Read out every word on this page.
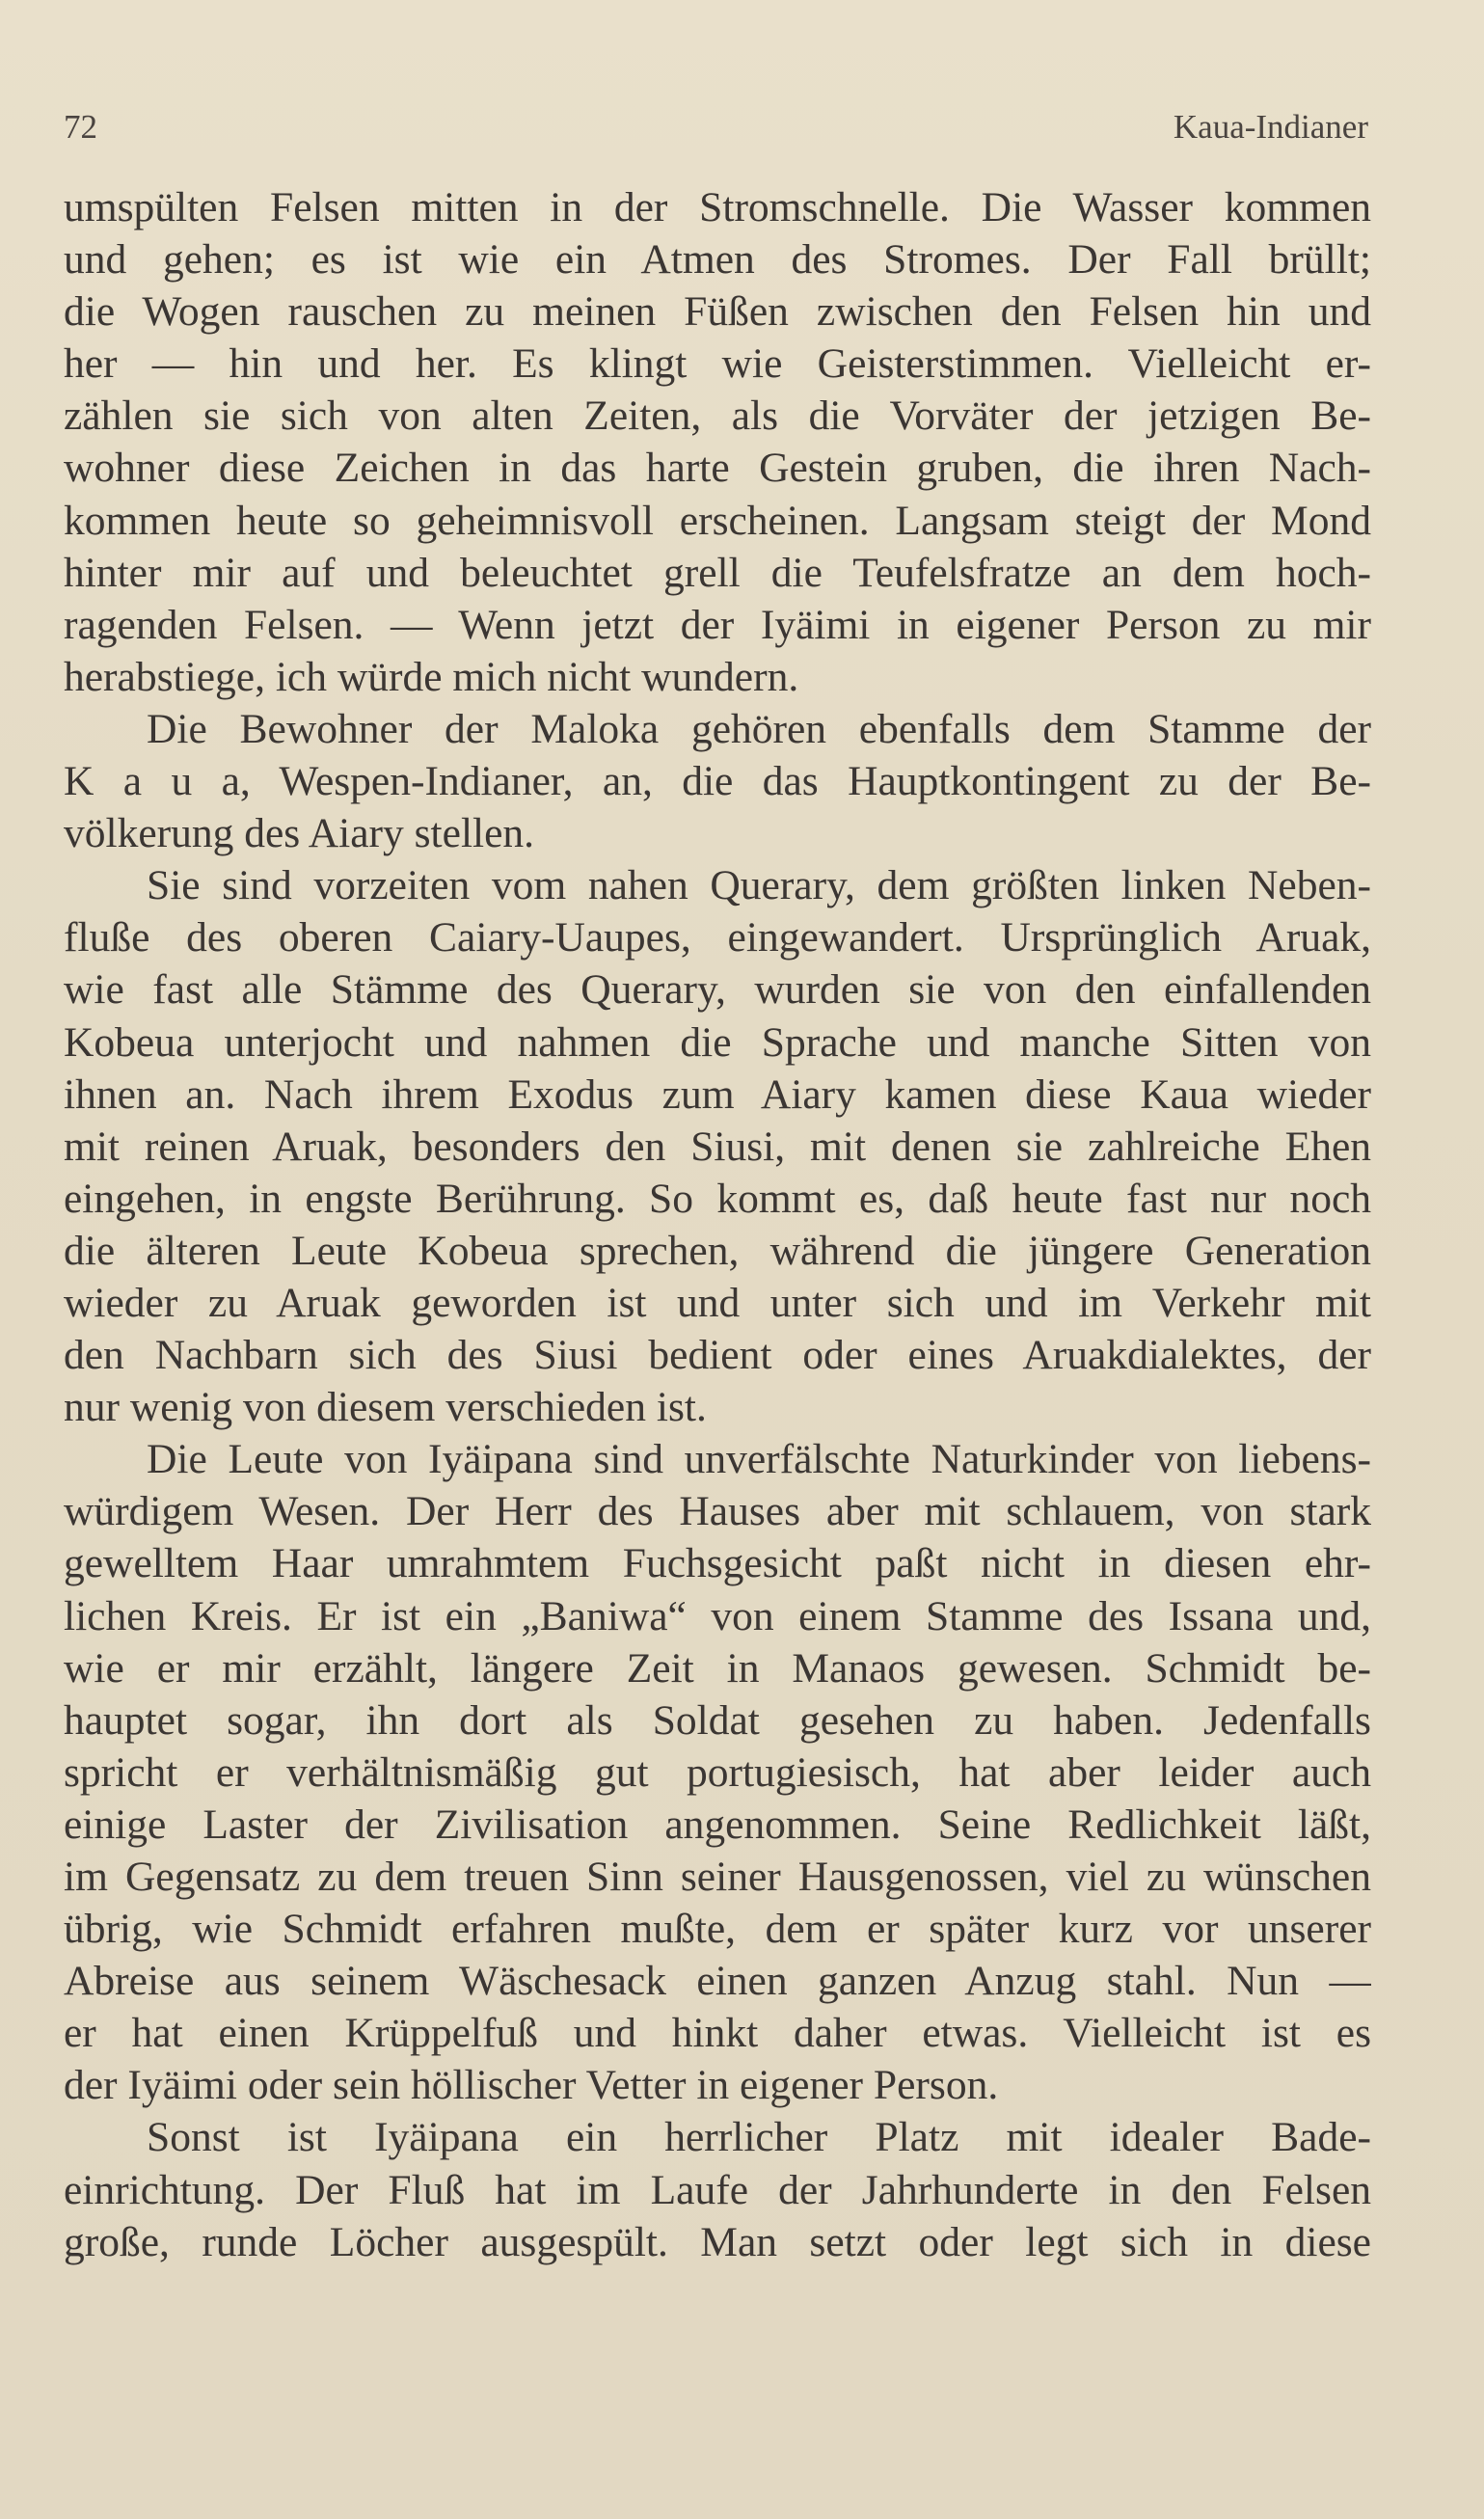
72	Kaua-Indianer
umspülten Felsen mitten in der Stromschnelle. Die Wasser kommen
und gehen; es ist wie ein Atmen des Stromes. Der Fall brüllt;
die Wogen rauschen zu meinen Füßen zwischen den Felsen hin und
her — hin und her. Es klingt wie Geisterstimmen. Vielleicht er-
zählen sie sich von alten Zeiten, als die Vorväter der jetzigen Be-
wohner diese Zeichen in das harte Gestein gruben, die ihren Nach-
kommen heute so geheimnisvoll erscheinen. Langsam steigt der Mond
hinter mir auf und beleuchtet grell die Teufelsfratze an dem hoch-
ragenden Felsen. — Wenn jetzt der Iyäimi in eigener Person zu mir
herabstiege, ich würde mich nicht wundern.
Die Bewohner der Maloka gehören ebenfalls dem Stamme der
K a u a, Wespen-Indianer, an, die das Hauptkontingent zu der Be-
völkerung des Aiary stellen.
Sie sind vorzeiten vom nahen Querary, dem größten linken Neben-
fluße des oberen Caiary-Uaupes, eingewandert. Ursprünglich Aruak,
wie fast alle Stämme des Querary, wurden sie von den einfallenden
Kobeua unterjocht und nahmen die Sprache und manche Sitten von
ihnen an. Nach ihrem Exodus zum Aiary kamen diese Kaua wieder
mit reinen Aruak, besonders den Siusi, mit denen sie zahlreiche Ehen
eingehen, in engste Berührung. So kommt es, daß heute fast nur noch
die älteren Leute Kobeua sprechen, während die jüngere Generation
wieder zu Aruak geworden ist und unter sich und im Verkehr mit
den Nachbarn sich des Siusi bedient oder eines Aruakdialektes, der
nur wenig von diesem verschieden ist.
Die Leute von Iyäipana sind unverfälschte Naturkinder von liebens-
würdigem Wesen. Der Herr des Hauses aber mit schlauem, von stark
gewelltem Haar umrahmtem Fuchsgesicht paßt nicht in diesen ehr-
lichen Kreis. Er ist ein „Baniwa“ von einem Stamme des Issana und,
wie er mir erzählt, längere Zeit in Manaos gewesen. Schmidt be-
hauptet sogar, ihn dort als Soldat gesehen zu haben. Jedenfalls
spricht er verhältnismäßig gut portugiesisch, hat aber leider auch
einige Laster der Zivilisation angenommen. Seine Redlichkeit läßt,
im Gegensatz zu dem treuen Sinn seiner Hausgenossen, viel zu wünschen
übrig, wie Schmidt erfahren mußte, dem er später kurz vor unserer
Abreise aus seinem Wäschesack einen ganzen Anzug stahl. Nun —
er hat einen Krüppelfuß und hinkt daher etwas. Vielleicht ist es
der Iyäimi oder sein höllischer Vetter in eigener Person.
Sonst ist Iyäipana ein herrlicher Platz mit idealer Bade-
einrichtung. Der Fluß hat im Laufe der Jahrhunderte in den Felsen
große, runde Löcher ausgespült. Man setzt oder legt sich in diese
